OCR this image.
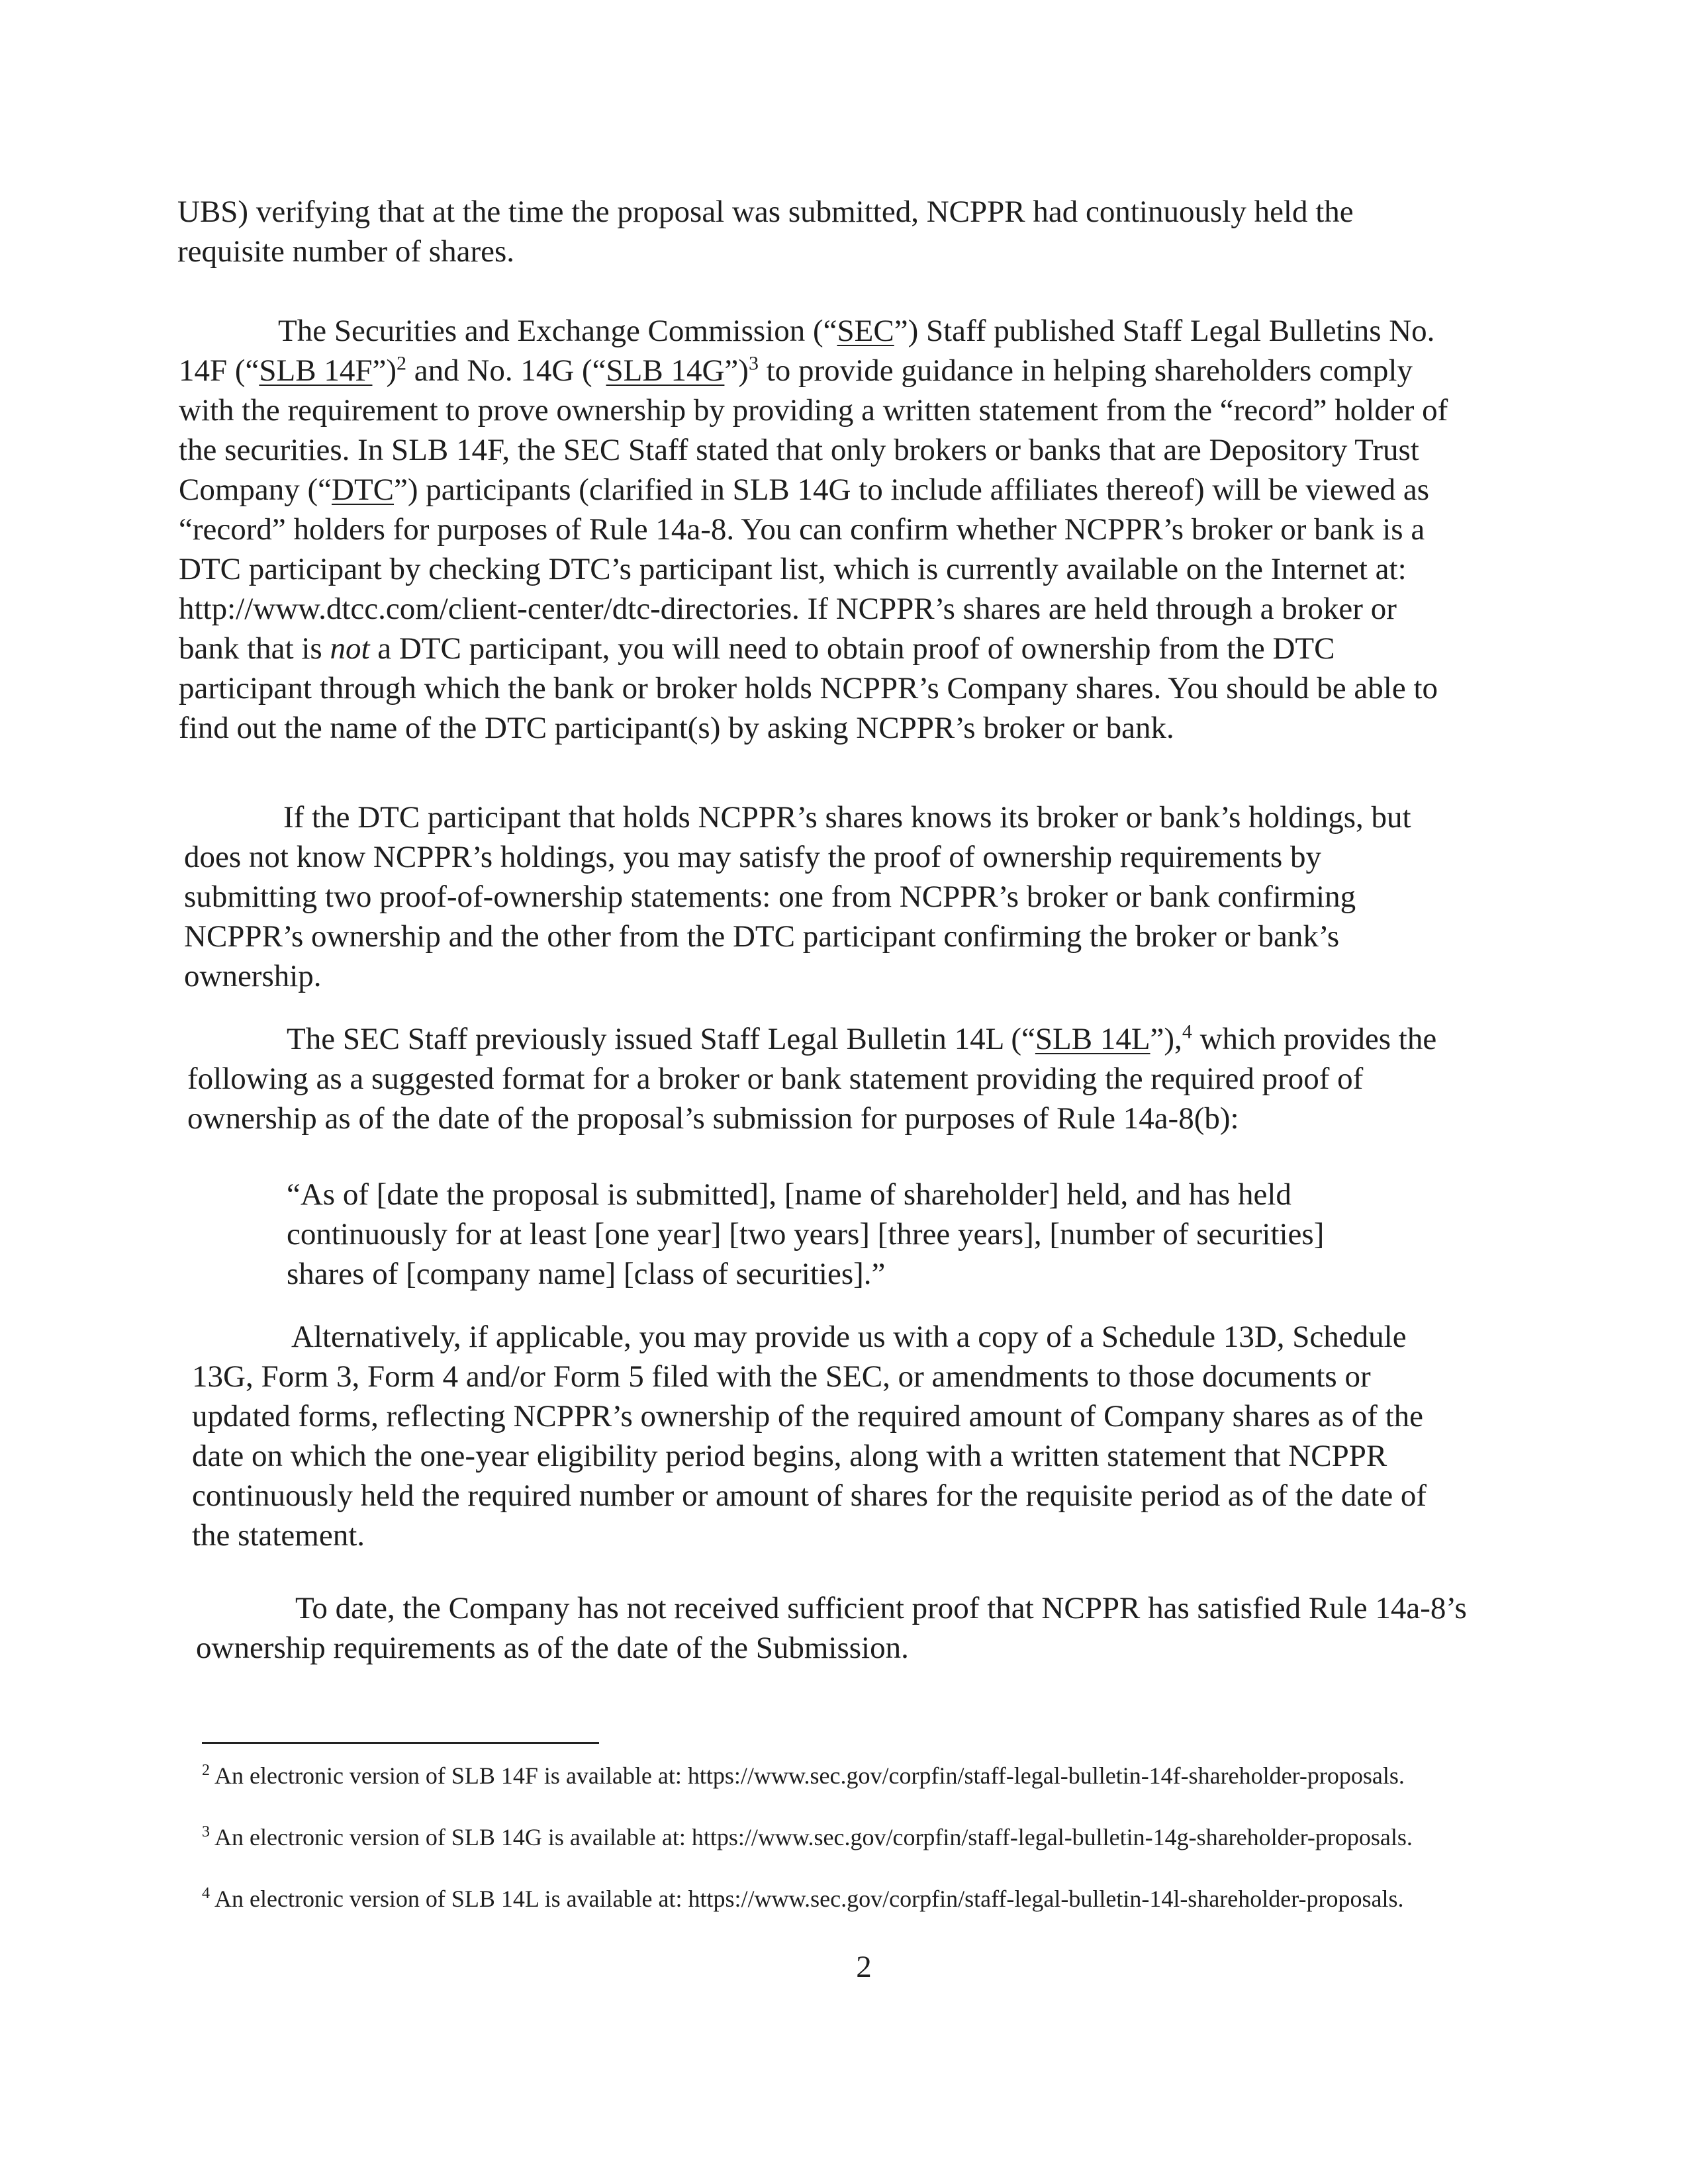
UBS) verifying that at the time the proposal was submitted, NCPPR had continuously held the requisite number of shares.

The Securities and Exchange Commission (“SEC”) Staff published Staff Legal Bulletins No. 14F (“SLB 14F”)$^2$ and No. 14G (“SLB 14G”)$^3$ to provide guidance in helping shareholders comply with the requirement to prove ownership by providing a written statement from the “record” holder of the securities. In SLB 14F, the SEC Staff stated that only brokers or banks that are Depository Trust Company (“DTC”) participants (clarified in SLB 14G to include affiliates thereof) will be viewed as “record” holders for purposes of Rule 14a-8. You can confirm whether NCPPR’s broker or bank is a DTC participant by checking DTC’s participant list, which is currently available on the Internet at: http://www.dtcc.com/client-center/dtc-directories. If NCPPR’s shares are held through a broker or bank that is not a DTC participant, you will need to obtain proof of ownership from the DTC participant through which the bank or broker holds NCPPR’s Company shares. You should be able to find out the name of the DTC participant(s) by asking NCPPR’s broker or bank.

If the DTC participant that holds NCPPR’s shares knows its broker or bank’s holdings, but does not know NCPPR’s holdings, you may satisfy the proof of ownership requirements by submitting two proof-of-ownership statements: one from NCPPR’s broker or bank confirming NCPPR’s ownership and the other from the DTC participant confirming the broker or bank’s ownership.

The SEC Staff previously issued Staff Legal Bulletin 14L (“SLB 14L”),$^4$ which provides the following as a suggested format for a broker or bank statement providing the required proof of ownership as of the date of the proposal’s submission for purposes of Rule 14a-8(b):

“As of [date the proposal is submitted], [name of shareholder] held, and has held continuously for at least [one year] [two years] [three years], [number of securities] shares of [company name] [class of securities].”

Alternatively, if applicable, you may provide us with a copy of a Schedule 13D, Schedule 13G, Form 3, Form 4 and/or Form 5 filed with the SEC, or amendments to those documents or updated forms, reflecting NCPPR’s ownership of the required amount of Company shares as of the date on which the one-year eligibility period begins, along with a written statement that NCPPR continuously held the required number or amount of shares for the requisite period as of the date of the statement.

To date, the Company has not received sufficient proof that NCPPR has satisfied Rule 14a-8’s ownership requirements as of the date of the Submission.

$^2$ An electronic version of SLB 14F is available at: https://www.sec.gov/corpfin/staff-legal-bulletin-14f-shareholder-proposals.

$^3$ An electronic version of SLB 14G is available at: https://www.sec.gov/corpfin/staff-legal-bulletin-14g-shareholder-proposals.

$^4$ An electronic version of SLB 14L is available at: https://www.sec.gov/corpfin/staff-legal-bulletin-14l-shareholder-proposals.

2
